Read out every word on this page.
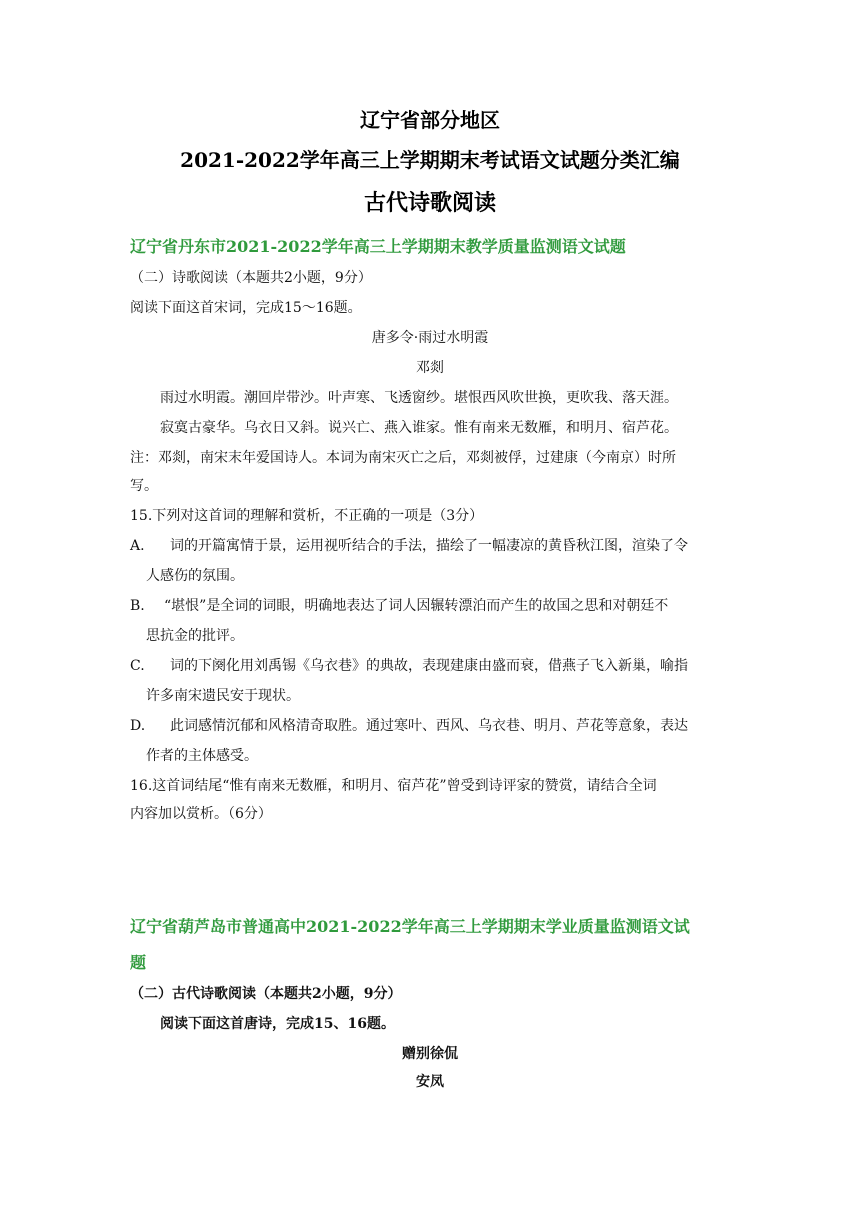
辽宁省部分地区
2021-2022学年高三上学期期末考试语文试题分类汇编
古代诗歌阅读
辽宁省丹东市2021-2022学年高三上学期期末教学质量监测语文试题
（二）诗歌阅读（本题共2小题，9分）
阅读下面这首宋词，完成15～16题。
唐多令·雨过水明霞
邓剡
雨过水明霞。潮回岸带沙。叶声寒、飞透窗纱。堪恨西风吹世换，更吹我、落天涯。
寂寞古豪华。乌衣日又斜。说兴亡、燕入谁家。惟有南来无数雁，和明月、宿芦花。
注：邓剡，南宋末年爱国诗人。本词为南宋灭亡之后，邓剡被俘，过建康（今南京）时所
写。
15.下列对这首词的理解和赏析，不正确的一项是（3分）
A. 词的开篇寓情于景，运用视听结合的手法，描绘了一幅凄凉的黄昏秋江图，渲染了令
人感伤的氛围。
B. “堪恨”是全词的词眼，明确地表达了词人因辗转漂泊而产生的故国之思和对朝廷不
思抗金的批评。
C. 词的下阕化用刘禹锡《乌衣巷》的典故，表现建康由盛而衰，借燕子飞入新巢，喻指
许多南宋遗民安于现状。
D. 此词感情沉郁和风格清奇取胜。通过寒叶、西风、乌衣巷、明月、芦花等意象，表达
作者的主体感受。
16.这首词结尾“惟有南来无数雁，和明月、宿芦花”曾受到诗评家的赞赏，请结合全词
内容加以赏析。（6分）
辽宁省葫芦岛市普通高中2021-2022学年高三上学期期末学业质量监测语文试
题
（二）古代诗歌阅读（本题共2小题，9分）
阅读下面这首唐诗，完成15、16题。
赠别徐侃
安凤
